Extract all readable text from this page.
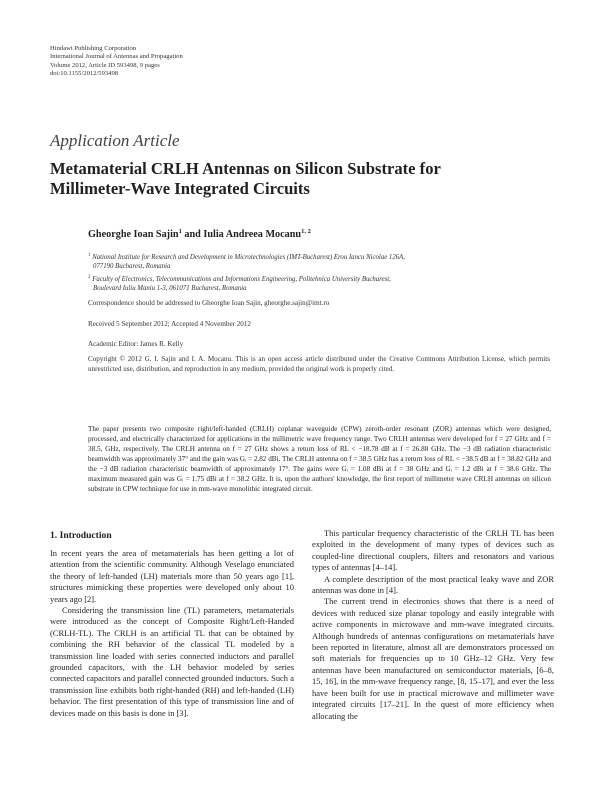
Hindawi Publishing Corporation
International Journal of Antennas and Propagation
Volume 2012, Article ID 593498, 9 pages
doi:10.1155/2012/593498
Application Article
Metamaterial CRLH Antennas on Silicon Substrate for Millimeter-Wave Integrated Circuits
Gheorghe Ioan Sajin$^1$ and Iulia Andreea Mocanu$^{1, 2}$
$^1$ National Institute for Research and Development in Microtechnologies (IMT-Bucharest) Erou Iancu Nicolae 126A,
077190 Bucharest, Romania
$^2$ Faculty of Electronics, Telecommunications and Informations Engineering, Politehnica University Bucharest,
Boulevard Iuliu Maniu 1-3, 061071 Bucharest, Romania
Correspondence should be addressed to Gheorghe Ioan Sajin, gheorghe.sajin@imt.ro
Received 5 September 2012; Accepted 4 November 2012
Academic Editor: James R. Kelly
Copyright © 2012 G. I. Sajin and I. A. Mocanu. This is an open access article distributed under the Creative Commons Attribution License, which permits unrestricted use, distribution, and reproduction in any medium, provided the original work is properly cited.
The paper presents two composite right/left-handed (CRLH) coplanar waveguide (CPW) zeroth-order resonant (ZOR) antennas which were designed, processed, and electrically characterized for applications in the millimetric wave frequency range. Two CRLH antennas were developed for f = 27 GHz and f = 38.5, GHz, respectively. The CRLH antenna on f = 27 GHz shows a return loss of RL < −18.78 dB at f = 26.88 GHz. The −3 dB radiation characteristic beamwidth was approximately 37° and the gain was Gᵢ = 2.82 dBi. The CRLH antenna on f = 38.5 GHz has a return loss of RL < −38.5 dB at f = 38.82 GHz and the −3 dB radiation characteristic beamwidth of approximately 17°. The gains were Gᵢ = 1.08 dBi at f = 38 GHz and Gᵢ = 1.2 dBi at f = 38.6 GHz. The maximum measured gain was Gᵢ = 1.75 dBi at f = 38.2 GHz. It is, upon the authors' knowledge, the first report of millimeter wave CRLH antennas on silicon substrate in CPW technique for use in mm-wave monolithic integrated circuit.
1. Introduction

In recent years the area of metamaterials has been getting a lot of attention from the scientific community. Although Veselago enunciated the theory of left-handed (LH) materials more than 50 years ago [1], structures mimicking these properties were developed only about 10 years ago [2].

Considering the transmission line (TL) parameters, metamaterials were introduced as the concept of Composite Right/Left-Handed (CRLH-TL). The CRLH is an artificial TL that can be obtained by combining the RH behavior of the classical TL modeled by a transmission line loaded with series connected inductors and parallel grounded capacitors, with the LH behavior modeled by series connected capacitors and parallel connected grounded inductors. Such a transmission line exhibits both right-handed (RH) and left-handed (LH) behavior. The first presentation of this type of transmission line and of devices made on this basis is done in [3].

This particular frequency characteristic of the CRLH TL has been exploited in the development of many types of devices such as coupled-line directional couplers, filters and resonators and various types of antennas [4–14].

A complete description of the most practical leaky wave and ZOR antennas was done in [4].

The current trend in electronics shows that there is a need of devices with reduced size planar topology and easily integrable with active components in microwave and mm-wave integrated circuits. Although hundreds of antennas configurations on metamaterials have been reported in literature, almost all are demonstrators processed on soft materials for frequencies up to 10 GHz–12 GHz. Very few antennas have been manufactured on semiconductor materials, [6–8, 15, 16], in the mm-wave frequency range, [8, 15–17], and ever the less have been built for use in practical microwave and millimeter wave integrated circuits [17–21]. In the quest of more efficiency when allocating the
